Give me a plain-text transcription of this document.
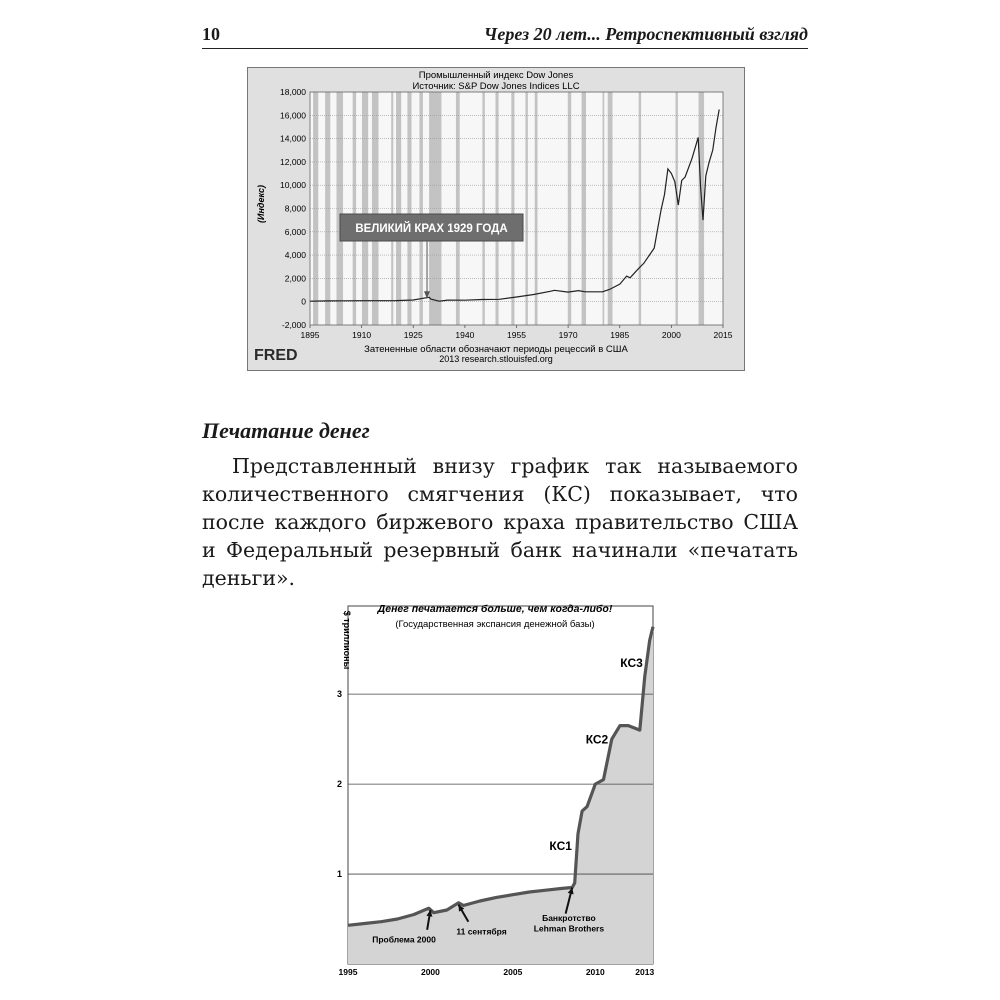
10	Через 20 лет... Ретроспективный взгляд
18,000
16,000
14,000
12,000
10,000
8,000
6,000
4,000
2,000
0
-2,000
1895	1910	1925	1940	1955	1970	1985	2000	2015
ВЕЛИКИЙ КРАХ 1929 ГОДА
Промышленный индекс Dow Jones
Источник: S&P Dow Jones Indices LLC
(Индекс)
Затененные области обозначают периоды рецессий в США
2013 research.stlouisfed.org
FRED
Печатание денег
Представленный внизу график так называемого количественного смягчения (КС) показывает, что после каждого биржевого краха правительство США и Федеральный резервный банк начинали «печатать деньги».
1
2
3
1995	2000	2005	2010	2013
КС1
КС2
КС3
Проблема 2000
11 сентября
Банкротство
Lehman Brothers
Денег печатается больше, чем когда-либо!
(Государственная экспансия денежной базы)
$ триллионы
